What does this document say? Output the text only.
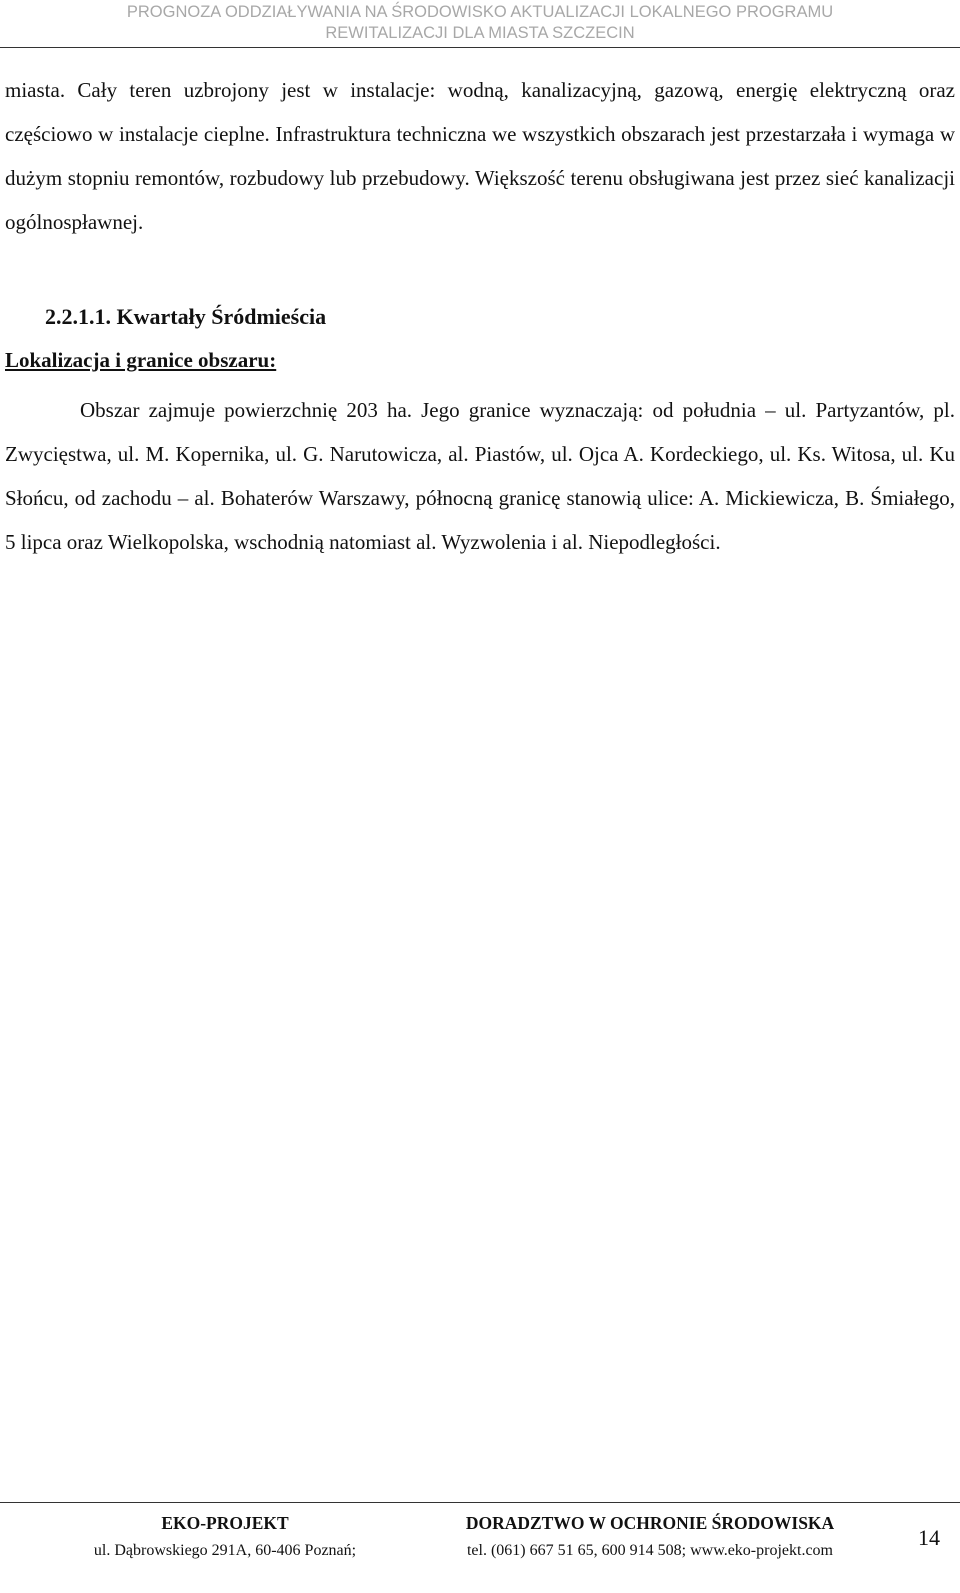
PROGNOZA ODDZIAŁYWANIA NA ŚRODOWISKO AKTUALIZACJI LOKALNEGO PROGRAMU
REWITALIZACJI DLA MIASTA SZCZECIN
miasta. Cały teren uzbrojony jest w instalacje: wodną, kanalizacyjną, gazową, energię elektryczną oraz częściowo w instalacje cieplne. Infrastruktura techniczna we wszystkich obszarach jest przestarzała i wymaga w dużym stopniu remontów, rozbudowy lub przebudowy. Większość terenu obsługiwana jest przez sieć kanalizacji ogólnospławnej.
2.2.1.1. Kwartały Śródmieścia
Lokalizacja i granice obszaru:
Obszar zajmuje powierzchnię 203 ha. Jego granice wyznaczają: od południa – ul. Partyzantów, pl. Zwycięstwa, ul. M. Kopernika, ul. G. Narutowicza, al. Piastów, ul. Ojca A. Kordeckiego, ul. Ks. Witosa, ul. Ku Słońcu, od zachodu – al. Bohaterów Warszawy, północną granicę stanowią ulice: A. Mickiewicza, B. Śmiałego, 5 lipca oraz Wielkopolska, wschodnią natomiast al. Wyzwolenia i al. Niepodległości.
EKO-PROJEKT
ul. Dąbrowskiego 291A, 60-406 Poznań;
DORADZTWO W OCHRONIE ŚRODOWISKA
tel. (061) 667 51 65, 600 914 508; www.eko-projekt.com
14
